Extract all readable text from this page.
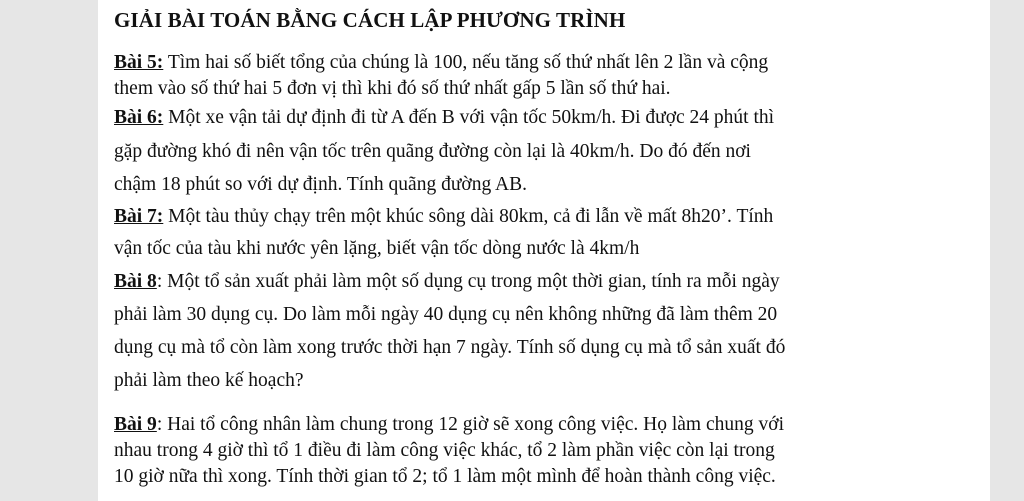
GIẢI BÀI TOÁN BẰNG CÁCH LẬP PHƯƠNG TRÌNH
Bài 5: Tìm hai số biết tổng của chúng là 100, nếu tăng số thứ nhất lên 2 lần và cộng
them vào số thứ hai 5 đơn vị thì khi đó số thứ nhất gấp 5 lần số thứ hai.
Bài 6: Một xe vận tải dự định đi từ A đến B với vận tốc 50km/h. Đi được 24 phút thì
gặp đường khó đi nên vận tốc trên quãng đường còn lại là 40km/h. Do đó đến nơi
chậm 18 phút so với dự định. Tính quãng đường AB.
Bài 7: Một tàu thủy chạy trên một khúc sông dài 80km, cả đi lẫn về mất 8h20’. Tính
vận tốc của tàu khi nước yên lặng, biết vận tốc dòng nước là 4km/h
Bài 8: Một tổ sản xuất phải làm một số dụng cụ trong một thời gian, tính ra mỗi ngày
phải làm 30 dụng cụ. Do làm mỗi ngày 40 dụng cụ nên không những đã làm thêm 20
dụng cụ mà tổ còn làm xong trước thời hạn 7 ngày. Tính số dụng cụ mà tổ sản xuất đó
phải làm theo kế hoạch?
Bài 9: Hai tổ công nhân làm chung trong 12 giờ sẽ xong công việc. Họ làm chung với
nhau trong 4 giờ thì tổ 1 điều đi làm công việc khác, tổ 2 làm phần việc còn lại trong
10 giờ nữa thì xong. Tính thời gian tổ 2; tổ 1 làm một mình để hoàn thành công việc.
